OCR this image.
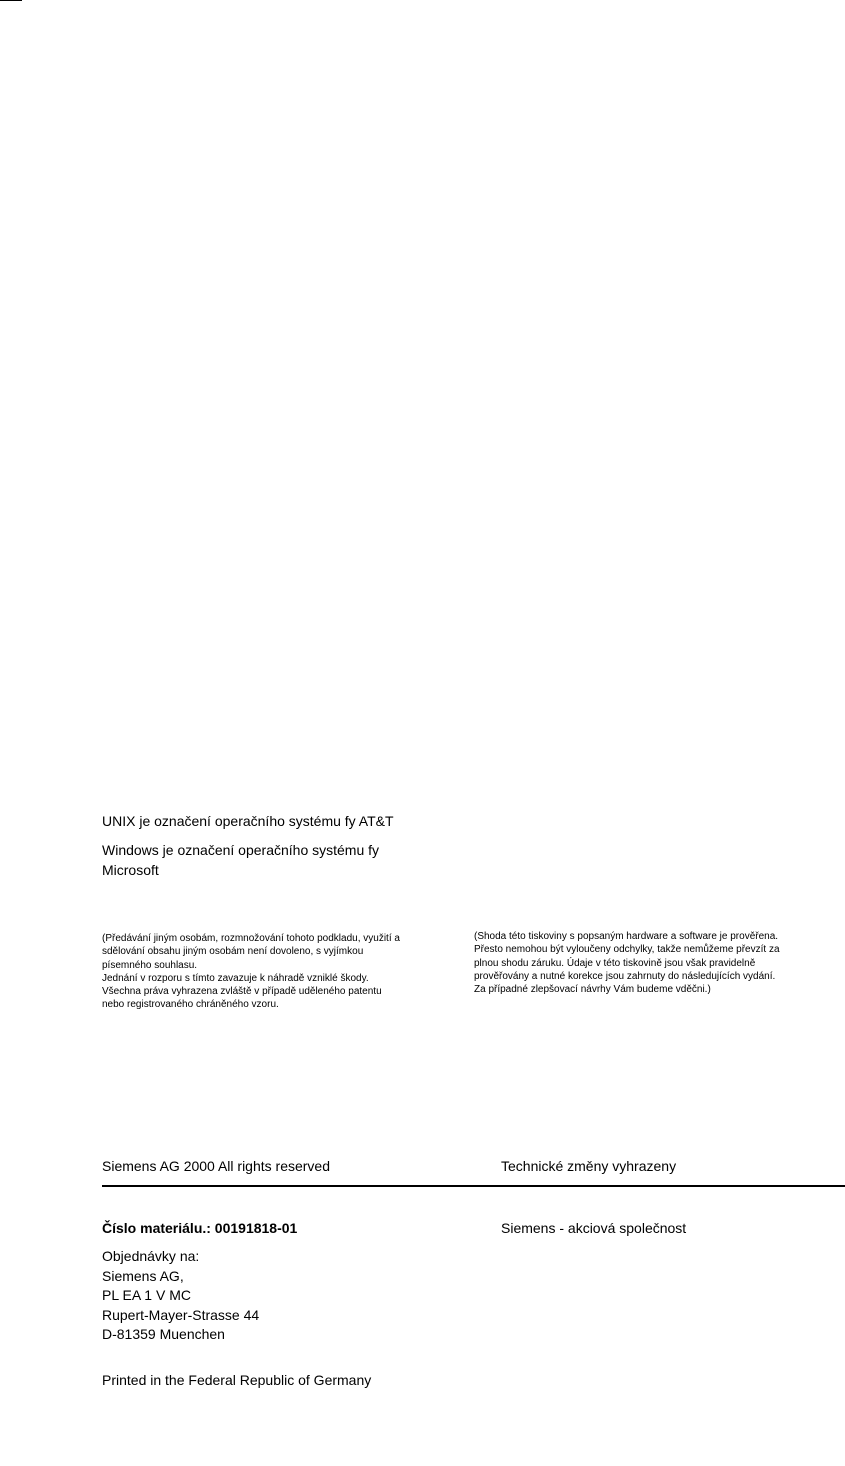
UNIX je označení operačního systému fy AT&T
Windows je označení operačního systému fy
Microsoft
(Předávání jiným osobám, rozmnožování tohoto podkladu, využití a
sdělování obsahu jiným osobám není dovoleno, s vyjímkou
písemného souhlasu.
Jednání v rozporu s tímto zavazuje k náhradě vzniklé škody.
Všechna práva vyhrazena zvláště v případě uděleného patentu
nebo registrovaného chráněného vzoru.
(Shoda této tiskoviny s popsaným hardware a software je prověřena.
Přesto nemohou být vyloučeny odchylky, takže nemůžeme převzít za
plnou shodu záruku. Údaje v této tiskovině jsou však pravidelně
prověřovány a nutné korekce jsou zahrnuty do následujících vydání.
Za případné zlepšovací návrhy Vám budeme vděčni.)
Siemens AG 2000 All rights reserved	Technické změny vyhrazeny
Číslo materiálu.: 00191818-01	Siemens - akciová společnost
Objednávky na:
Siemens AG,
PL EA 1 V MC
Rupert-Mayer-Strasse 44
D-81359 Muenchen
Printed in the Federal Republic of Germany
